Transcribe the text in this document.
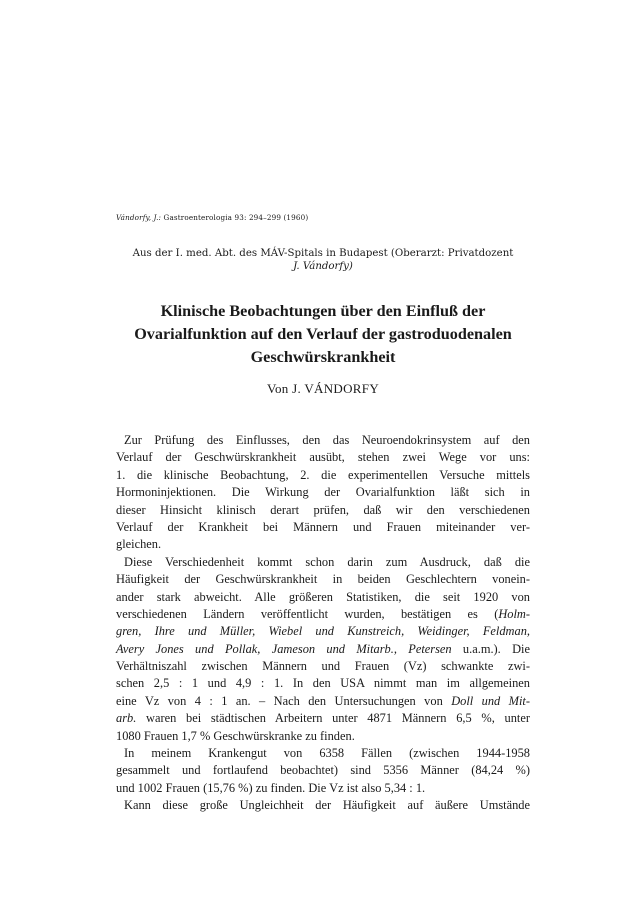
Vándorfy, J.: Gastroenterologia 93: 294–299 (1960)
Aus der I. med. Abt. des MÁV-Spitals in Budapest (Oberarzt: Privatdozent
J. Vándorfy)
Klinische Beobachtungen über den Einfluß der
Ovarialfunktion auf den Verlauf der gastroduodenalen
Geschwürskrankheit
Von J. VÁNDORFY
Zur Prüfung des Einflusses, den das Neuroendokrinsystem auf den
Verlauf der Geschwürskrankheit ausübt, stehen zwei Wege vor uns:
1. die klinische Beobachtung, 2. die experimentellen Versuche mittels
Hormoninjektionen. Die Wirkung der Ovarialfunktion läßt sich in
dieser Hinsicht klinisch derart prüfen, daß wir den verschiedenen
Verlauf der Krankheit bei Männern und Frauen miteinander ver-
gleichen.
Diese Verschiedenheit kommt schon darin zum Ausdruck, daß die
Häufigkeit der Geschwürskrankheit in beiden Geschlechtern vonein-
ander stark abweicht. Alle größeren Statistiken, die seit 1920 von
verschiedenen Ländern veröffentlicht wurden, bestätigen es (Holm-
gren, Ihre und Müller, Wiebel und Kunstreich, Weidinger, Feldman,
Avery Jones und Pollak, Jameson und Mitarb., Petersen u.a.m.). Die
Verhältniszahl zwischen Männern und Frauen (Vz) schwankte zwi-
schen 2,5 : 1 und 4,9 : 1. In den USA nimmt man im allgemeinen
eine Vz von 4 : 1 an. – Nach den Untersuchungen von Doll und Mit-
arb. waren bei städtischen Arbeitern unter 4871 Männern 6,5 %, unter
1080 Frauen 1,7 % Geschwürskranke zu finden.
In meinem Krankengut von 6358 Fällen (zwischen 1944-1958
gesammelt und fortlaufend beobachtet) sind 5356 Männer (84,24 %)
und 1002 Frauen (15,76 %) zu finden. Die Vz ist also 5,34 : 1.
Kann diese große Ungleichheit der Häufigkeit auf äußere Umstände
